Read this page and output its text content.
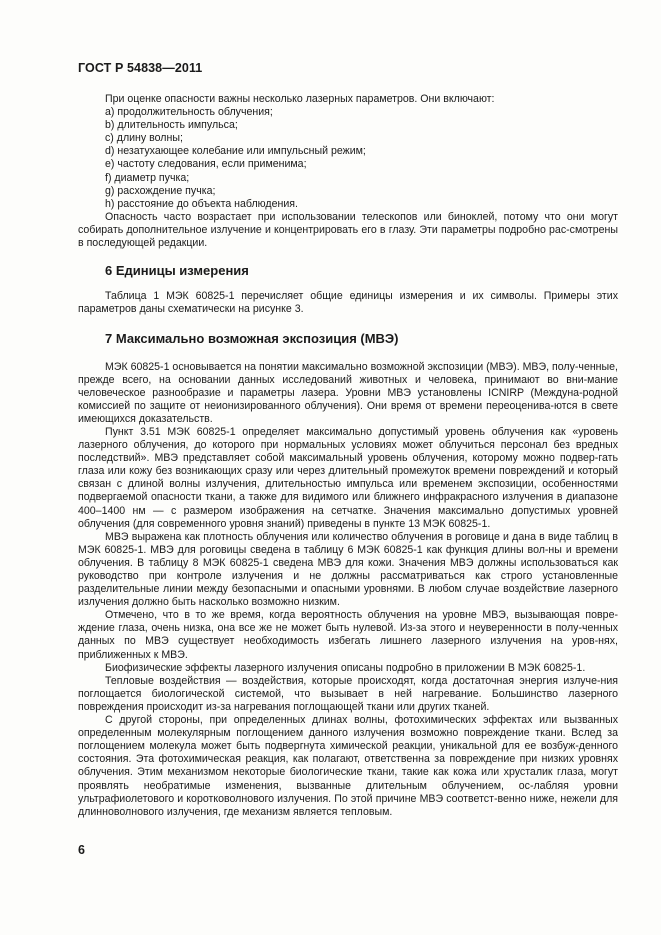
ГОСТ Р 54838—2011

При оценке опасности важны несколько лазерных параметров. Они включают:

a) продолжительность облучения;

b) длительность импульса;

c) длину волны;

d) незатухающее колебание или импульсный режим;

e) частоту следования, если применима;

f) диаметр пучка;

g) расхождение пучка;

h) расстояние до объекта наблюдения.

Опасность часто возрастает при использовании телескопов или биноклей, потому что они могут собирать дополнительное излучение и концентрировать его в глазу. Эти параметры подробно рас-смотрены в последующей редакции.

6 Единицы измерения

Таблица 1 МЭК 60825-1 перечисляет общие единицы измерения и их символы. Примеры этих параметров даны схематически на рисунке 3.

7 Максимально возможная экспозиция (МВЭ)

МЭК 60825-1 основывается на понятии максимально возможной экспозиции (МВЭ). МВЭ, полу-ченные, прежде всего, на основании данных исследований животных и человека, принимают во вни-мание человеческое разнообразие и параметры лазера. Уровни МВЭ установлены ICNIRP (Междуна-родной комиссией по защите от неионизированного облучения). Они время от времени переоценива-ются в свете имеющихся доказательств.

Пункт 3.51 МЭК 60825-1 определяет максимально допустимый уровень облучения как «уровень лазерного облучения, до которого при нормальных условиях может облучиться персонал без вредных последствий». МВЭ представляет собой максимальный уровень облучения, которому можно подвер-гать глаза или кожу без возникающих сразу или через длительный промежуток времени повреждений и который связан с длиной волны излучения, длительностью импульса или временем экспозиции, особенностями подвергаемой опасности ткани, а также для видимого или ближнего инфракрасного излучения в диапазоне 400–1400 нм — с размером изображения на сетчатке. Значения максимально допустимых уровней облучения (для современного уровня знаний) приведены в пункте 13 МЭК 60825-1.

МВЭ выражена как плотность облучения или количество облучения в роговице и дана в виде таблиц в МЭК 60825-1. МВЭ для роговицы сведена в таблицу 6 МЭК 60825-1 как функция длины вол-ны и времени облучения. В таблицу 8 МЭК 60825-1 сведена МВЭ для кожи. Значения МВЭ должны использоваться как руководство при контроле излучения и не должны рассматриваться как строго установленные разделительные линии между безопасными и опасными уровнями. В любом случае воздействие лазерного излучения должно быть насколько возможно низким.

Отмечено, что в то же время, когда вероятность облучения на уровне МВЭ, вызывающая повре-ждение глаза, очень низка, она все же не может быть нулевой. Из-за этого и неуверенности в полу-ченных данных по МВЭ существует необходимость избегать лишнего лазерного излучения на уров-нях, приближенных к МВЭ.

Биофизические эффекты лазерного излучения описаны подробно в приложении В МЭК 60825-1.

Тепловые воздействия — воздействия, которые происходят, когда достаточная энергия излуче-ния поглощается биологической системой, что вызывает в ней нагревание. Большинство лазерного повреждения происходит из-за нагревания поглощающей ткани или других тканей.

С другой стороны, при определенных длинах волны, фотохимических эффектах или вызванных определенным молекулярным поглощением данного излучения возможно повреждение ткани. Вслед за поглощением молекула может быть подвергнута химической реакции, уникальной для ее возбуж-денного состояния. Эта фотохимическая реакция, как полагают, ответственна за повреждение при низких уровнях облучения. Этим механизмом некоторые биологические ткани, такие как кожа или хрусталик глаза, могут проявлять необратимые изменения, вызванные длительным облучением, ос-лабляя уровни ультрафиолетового и коротковолнового излучения. По этой причине МВЭ соответст-венно ниже, нежели для длинноволнового излучения, где механизм является тепловым.

6
